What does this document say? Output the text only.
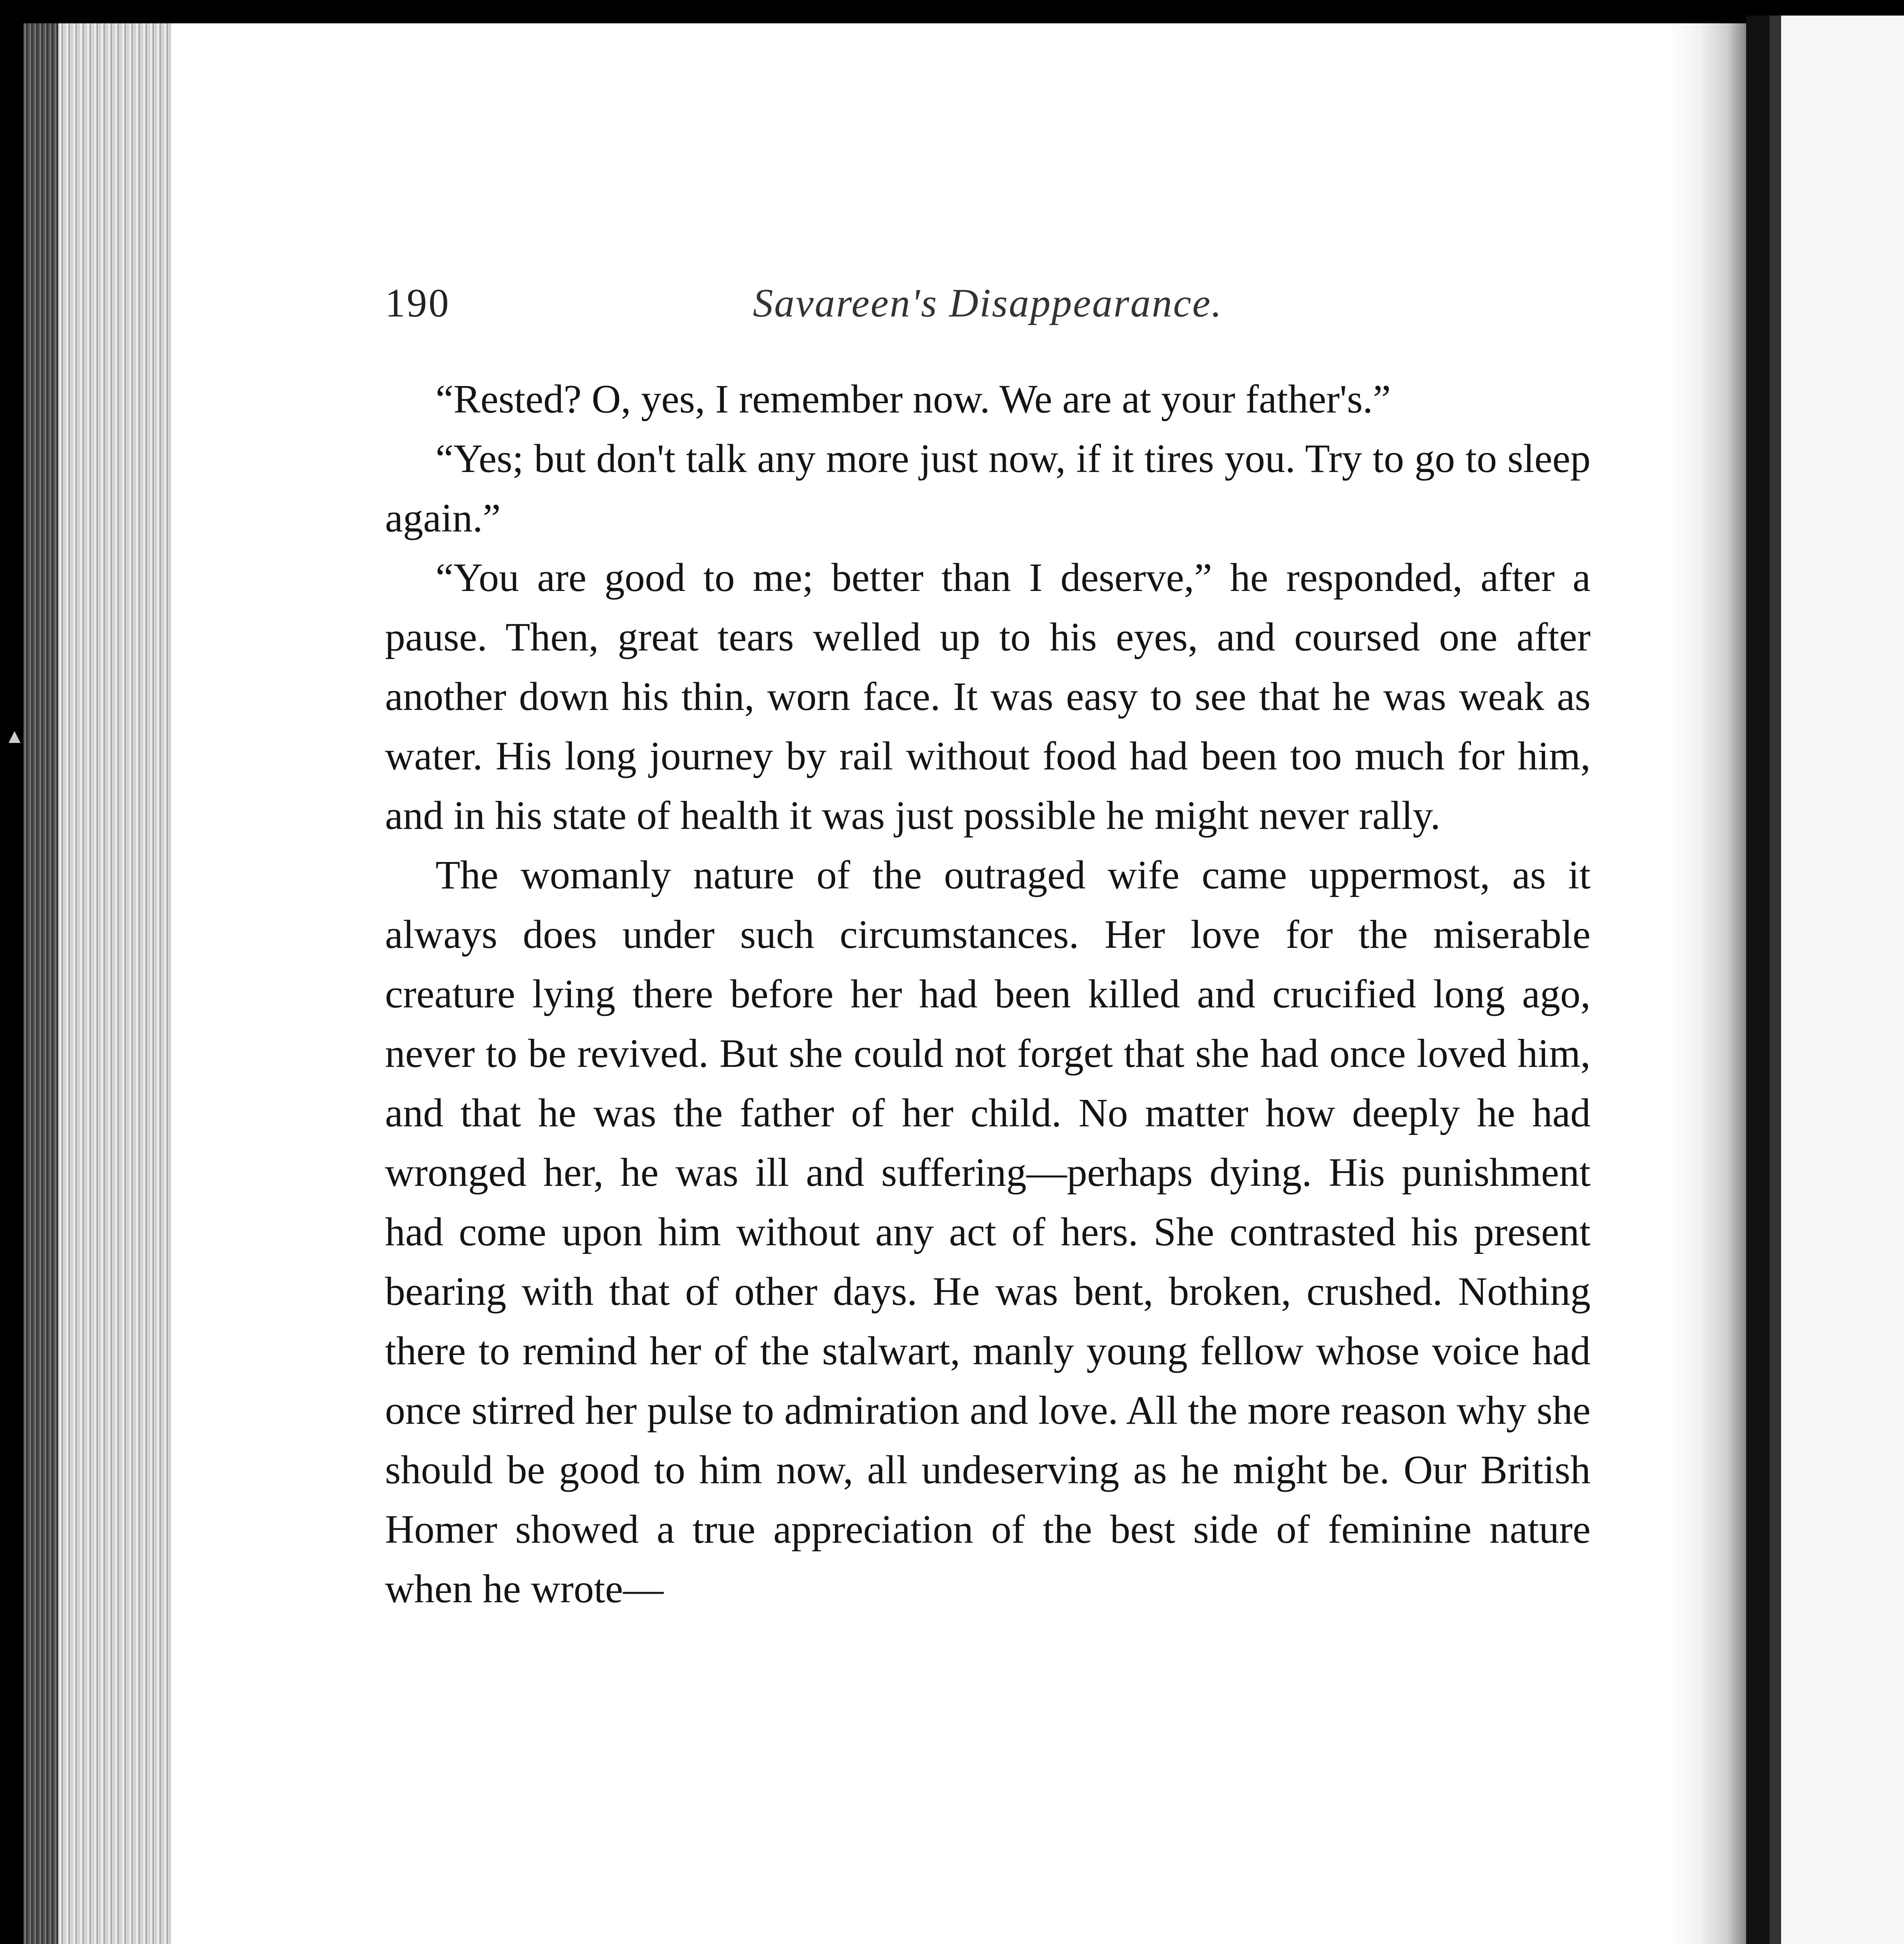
▲
190	Savareen's Disappearance.

“Rested? O, yes, I remember now. We are at your father's.”

“Yes; but don't talk any more just now, if it tires you. Try to go to sleep again.”

“You are good to me; better than I deserve,” he responded, after a pause. Then, great tears welled up to his eyes, and coursed one after another down his thin, worn face. It was easy to see that he was weak as water. His long journey by rail without food had been too much for him, and in his state of health it was just possible he might never rally.

The womanly nature of the outraged wife came uppermost, as it always does under such circumstances. Her love for the miserable creature lying there before her had been killed and crucified long ago, never to be revived. But she could not forget that she had once loved him, and that he was the father of her child. No matter how deeply he had wronged her, he was ill and suffering—perhaps dying. His punishment had come upon him without any act of hers. She contrasted his present bearing with that of other days. He was bent, broken, crushed. Nothing there to remind her of the stalwart, manly young fellow whose voice had once stirred her pulse to admiration and love. All the more reason why she should be good to him now, all undeserving as he might be. Our British Homer showed a true appreciation of the best side of feminine nature when he wrote—
